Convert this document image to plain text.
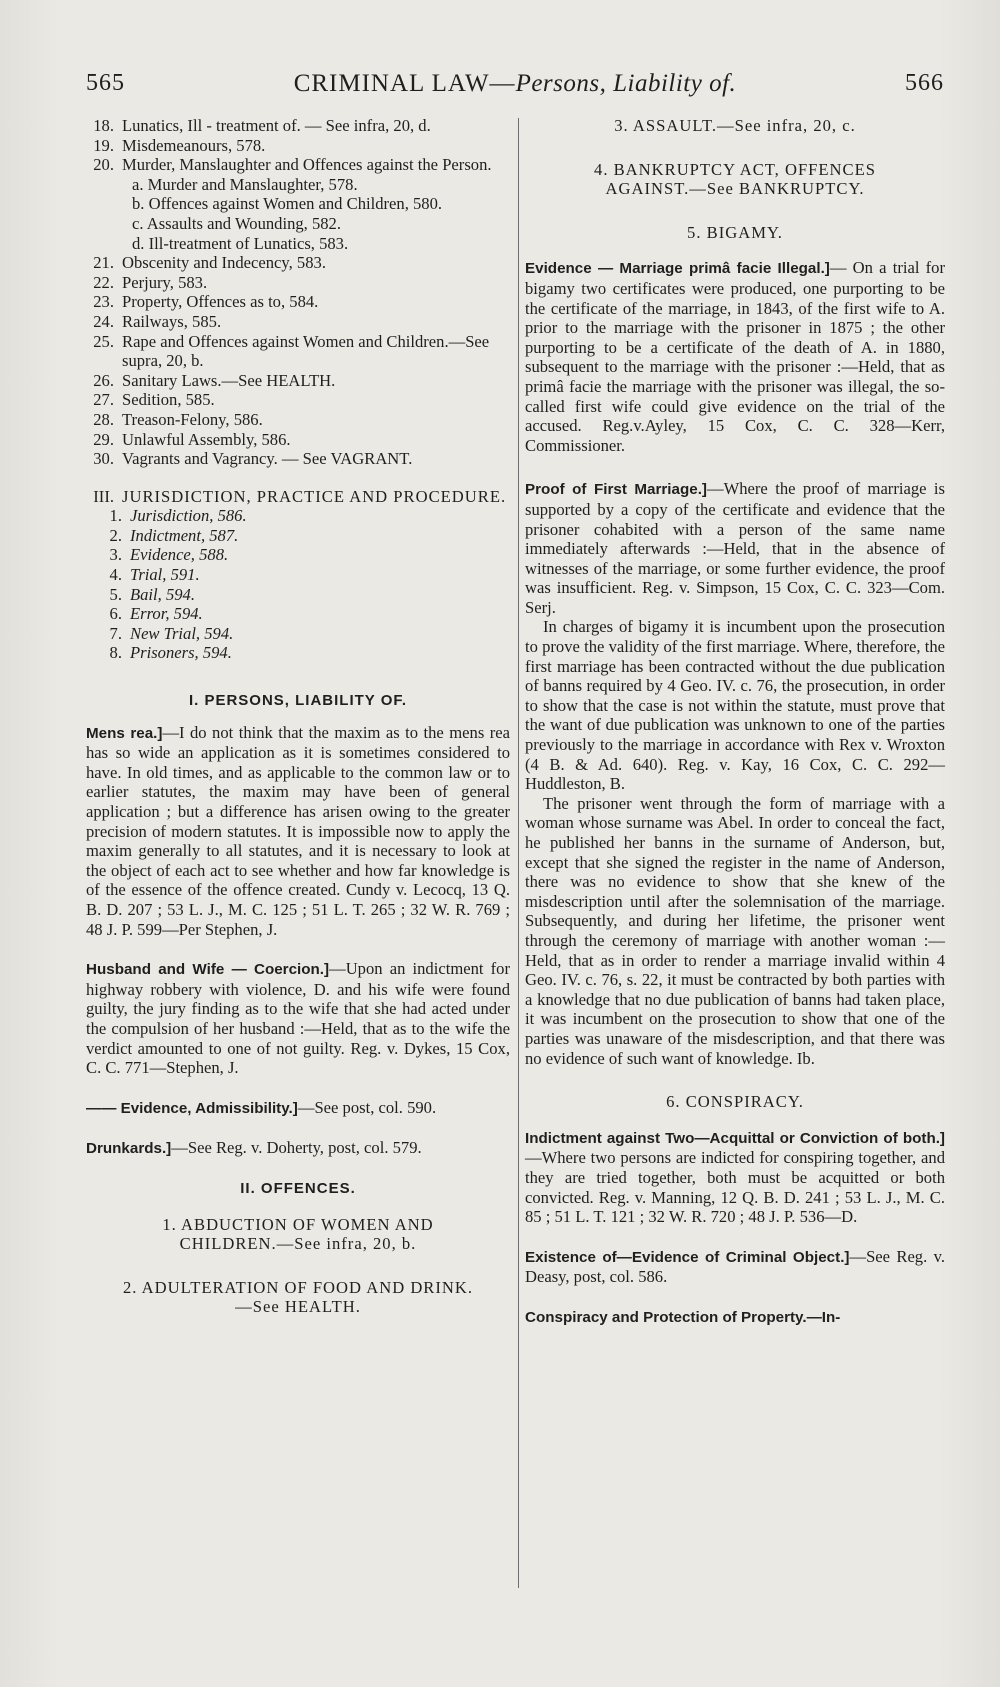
565	CRIMINAL LAW—Persons, Liability of.	566
18. Lunatics, Ill - treatment of. — See infra, 20, d.
19. Misdemeanours, 578.
20. Murder, Manslaughter and Offences against the Person.
a. Murder and Manslaughter, 578.
b. Offences against Women and Children, 580.
c. Assaults and Wounding, 582.
d. Ill-treatment of Lunatics, 583.
21. Obscenity and Indecency, 583.
22. Perjury, 583.
23. Property, Offences as to, 584.
24. Railways, 585.
25. Rape and Offences against Women and Children.—See supra, 20, b.
26. Sanitary Laws.—See HEALTH.
27. Sedition, 585.
28. Treason-Felony, 586.
29. Unlawful Assembly, 586.
30. Vagrants and Vagrancy. — See VAGRANT.
III. JURISDICTION, PRACTICE AND PROCEDURE.
1. Jurisdiction, 586.
2. Indictment, 587.
3. Evidence, 588.
4. Trial, 591.
5. Bail, 594.
6. Error, 594.
7. New Trial, 594.
8. Prisoners, 594.
I. PERSONS, LIABILITY OF.

Mens rea.]—I do not think that the maxim as to the mens rea has so wide an application as it is sometimes considered to have. In old times, and as applicable to the common law or to earlier statutes, the maxim may have been of general application ; but a difference has arisen owing to the greater precision of modern statutes. It is impossible now to apply the maxim generally to all statutes, and it is necessary to look at the object of each act to see whether and how far knowledge is of the essence of the offence created. Cundy v. Lecocq, 13 Q. B. D. 207 ; 53 L. J., M. C. 125 ; 51 L. T. 265 ; 32 W. R. 769 ; 48 J. P. 599—Per Stephen, J.

Husband and Wife — Coercion.]—Upon an indictment for highway robbery with violence, D. and his wife were found guilty, the jury finding as to the wife that she had acted under the compulsion of her husband :—Held, that as to the wife the verdict amounted to one of not guilty. Reg. v. Dykes, 15 Cox, C. C. 771—Stephen, J.

—— Evidence, Admissibility.]—See post, col. 590.

Drunkards.]—See Reg. v. Doherty, post, col. 579.

II. OFFENCES.
1. ABDUCTION OF WOMEN AND CHILDREN.—See infra, 20, b.
2. ADULTERATION OF FOOD AND DRINK.—See HEALTH.
3. ASSAULT.—See infra, 20, c.
4. BANKRUPTCY ACT, OFFENCES AGAINST.—See BANKRUPTCY.
5. BIGAMY.

Evidence — Marriage primâ facie Illegal.]— On a trial for bigamy two certificates were produced, one purporting to be the certificate of the marriage, in 1843, of the first wife to A. prior to the marriage with the prisoner in 1875 ; the other purporting to be a certificate of the death of A. in 1880, subsequent to the marriage with the prisoner :—Held, that as primâ facie the marriage with the prisoner was illegal, the so-called first wife could give evidence on the trial of the accused. Reg.v.Ayley, 15 Cox, C. C. 328—Kerr, Commissioner.

Proof of First Marriage.]—Where the proof of marriage is supported by a copy of the certificate and evidence that the prisoner cohabited with a person of the same name immediately afterwards :—Held, that in the absence of witnesses of the marriage, or some further evidence, the proof was insufficient. Reg. v. Simpson, 15 Cox, C. C. 323—Com. Serj.

In charges of bigamy it is incumbent upon the prosecution to prove the validity of the first marriage. Where, therefore, the first marriage has been contracted without the due publication of banns required by 4 Geo. IV. c. 76, the prosecution, in order to show that the case is not within the statute, must prove that the want of due publication was unknown to one of the parties previously to the marriage in accordance with Rex v. Wroxton (4 B. & Ad. 640). Reg. v. Kay, 16 Cox, C. C. 292—Huddleston, B.

The prisoner went through the form of marriage with a woman whose surname was Abel. In order to conceal the fact, he published her banns in the surname of Anderson, but, except that she signed the register in the name of Anderson, there was no evidence to show that she knew of the misdescription until after the solemnisation of the marriage. Subsequently, and during her lifetime, the prisoner went through the ceremony of marriage with another woman :—Held, that as in order to render a marriage invalid within 4 Geo. IV. c. 76, s. 22, it must be contracted by both parties with a knowledge that no due publication of banns had taken place, it was incumbent on the prosecution to show that one of the parties was unaware of the misdescription, and that there was no evidence of such want of knowledge. Ib.

6. CONSPIRACY.

Indictment against Two—Acquittal or Conviction of both.]—Where two persons are indicted for conspiring together, and they are tried together, both must be acquitted or both convicted. Reg. v. Manning, 12 Q. B. D. 241 ; 53 L. J., M. C. 85 ; 51 L. T. 121 ; 32 W. R. 720 ; 48 J. P. 536—D.

Existence of—Evidence of Criminal Object.]—See Reg. v. Deasy, post, col. 586.

Conspiracy and Protection of Property.—In-
